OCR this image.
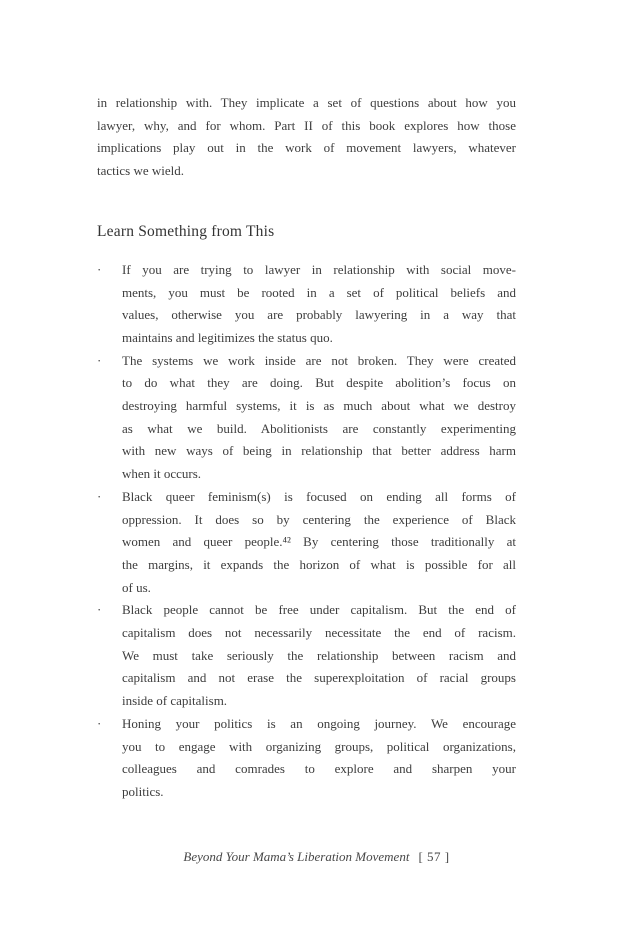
in relationship with. They implicate a set of questions about how you
lawyer, why, and for whom. Part II of this book explores how those
implications play out in the work of movement lawyers, whatever
tactics we wield.

Learn Something from This
·	If you are trying to lawyer in relationship with social move-
ments, you must be rooted in a set of political beliefs and
values, otherwise you are probably lawyering in a way that
maintains and legitimizes the status quo.
·	The systems we work inside are not broken. They were created
to do what they are doing. But despite abolition’s focus on
destroying harmful systems, it is as much about what we destroy
as what we build. Abolitionists are constantly experimenting
with new ways of being in relationship that better address harm
when it occurs.
·	Black queer feminism(s) is focused on ending all forms of
oppression. It does so by centering the experience of Black
women and queer people.⁴² By centering those traditionally at
the margins, it expands the horizon of what is possible for all
of us.
·	Black people cannot be free under capitalism. But the end of
capitalism does not necessarily necessitate the end of racism.
We must take seriously the relationship between racism and
capitalism and not erase the superexploitation of racial groups
inside of capitalism.
·	Honing your politics is an ongoing journey. We encourage
you to engage with organizing groups, political organizations,
colleagues and comrades to explore and sharpen your
politics.
Beyond Your Mama’s Liberation Movement [ 57 ]
